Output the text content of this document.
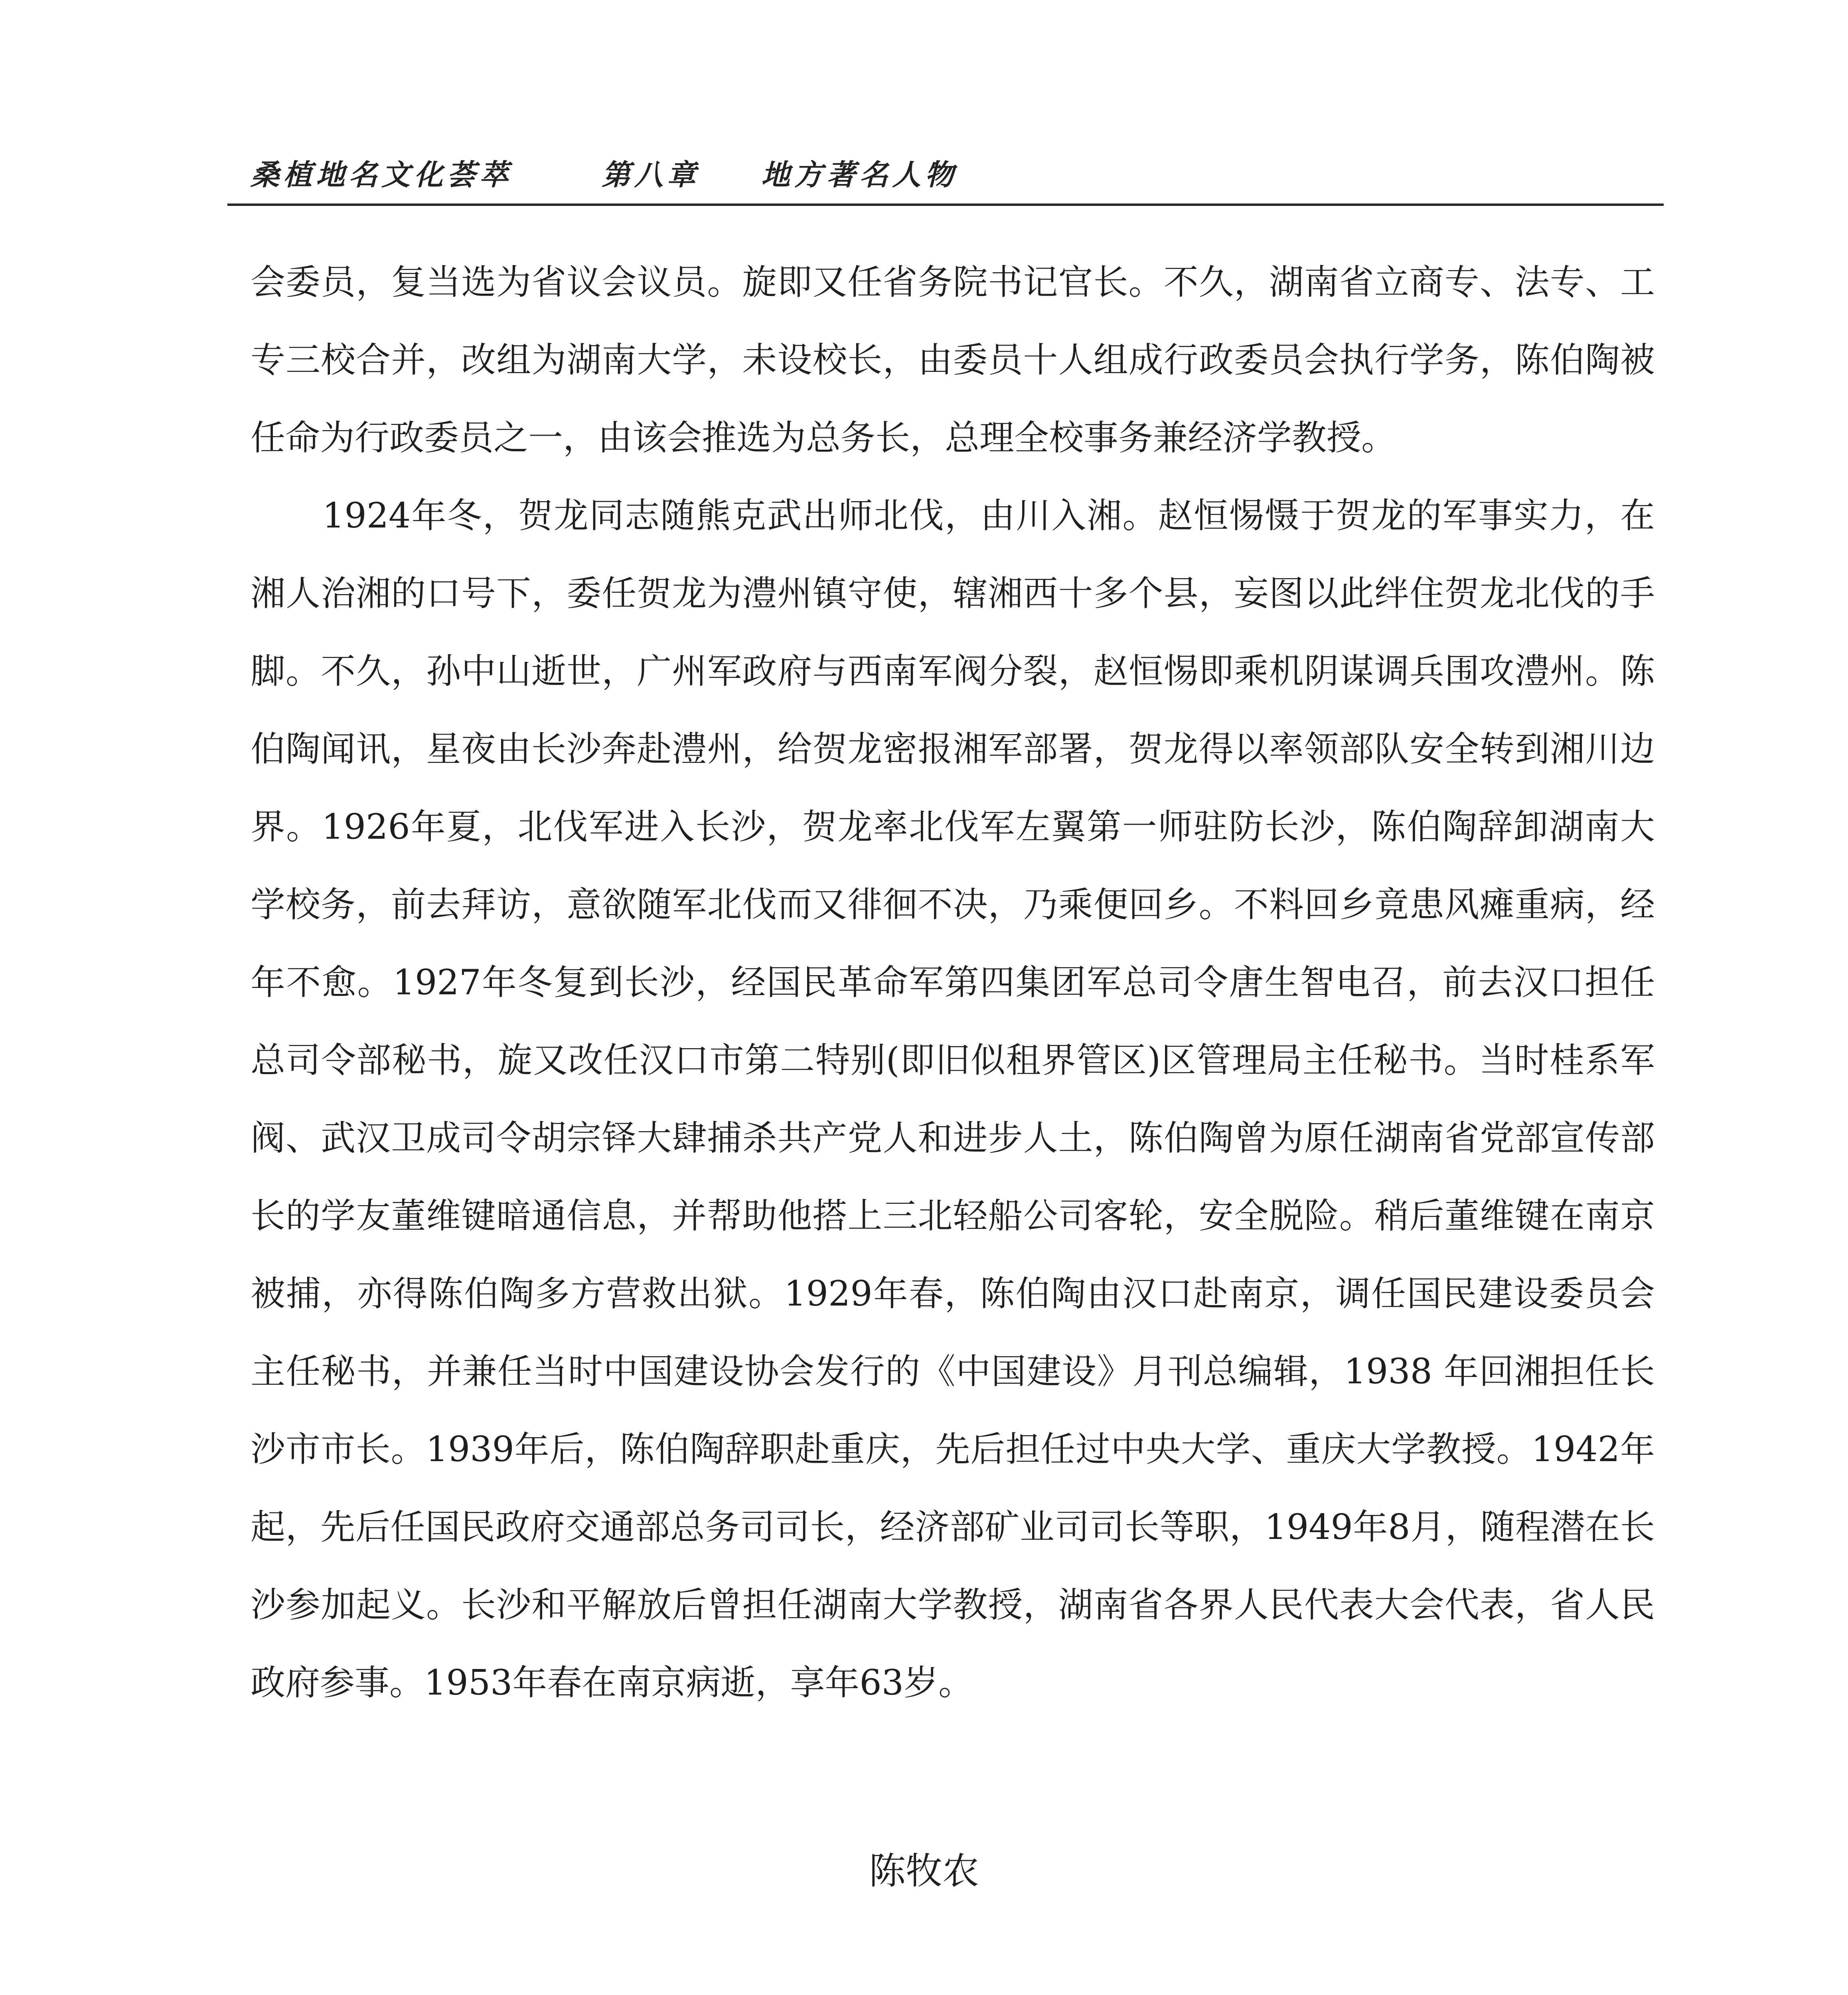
桑植地名文化荟萃	第八章 地方著名人物

会委员，复当选为省议会议员。旋即又任省务院书记官长。不久，湖南省立商专、法专、工专三校合并，改组为湖南大学，未设校长，由委员十人组成行政委员会执行学务，陈伯陶被任命为行政委员之一，由该会推选为总务长，总理全校事务兼经济学教授。

1924年冬，贺龙同志随熊克武出师北伐，由川入湘。赵恒惕慑于贺龙的军事实力，在湘人治湘的口号下，委任贺龙为澧州镇守使，辖湘西十多个县，妄图以此绊住贺龙北伐的手脚。不久，孙中山逝世，广州军政府与西南军阀分裂，赵恒惕即乘机阴谋调兵围攻澧州。陈伯陶闻讯，星夜由长沙奔赴澧州，给贺龙密报湘军部署，贺龙得以率领部队安全转到湘川边界。1926年夏，北伐军进入长沙，贺龙率北伐军左翼第一师驻防长沙，陈伯陶辞卸湖南大学校务，前去拜访，意欲随军北伐而又徘徊不决，乃乘便回乡。不料回乡竟患风瘫重病，经年不愈。1927年冬复到长沙，经国民革命军第四集团军总司令唐生智电召，前去汉口担任总司令部秘书，旋又改任汉口市第二特别(即旧似租界管区)区管理局主任秘书。当时桂系军阀、武汉卫成司令胡宗铎大肆捕杀共产党人和进步人土，陈伯陶曾为原任湖南省党部宣传部长的学友董维键暗通信息，并帮助他搭上三北轻船公司客轮，安全脱险。稍后董维键在南京被捕，亦得陈伯陶多方营救出狱。1929年春，陈伯陶由汉口赴南京，调任国民建设委员会主任秘书，并兼任当时中国建设协会发行的《中国建设》月刊总编辑，1938 年回湘担任长沙市市长。1939年后，陈伯陶辞职赴重庆，先后担任过中央大学、重庆大学教授。1942年起，先后任国民政府交通部总务司司长，经济部矿业司司长等职，1949年8月，随程潜在长沙参加起义。长沙和平解放后曾担任湖南大学教授，湖南省各界人民代表大会代表，省人民政府参事。1953年春在南京病逝，享年63岁。

陈牧农
